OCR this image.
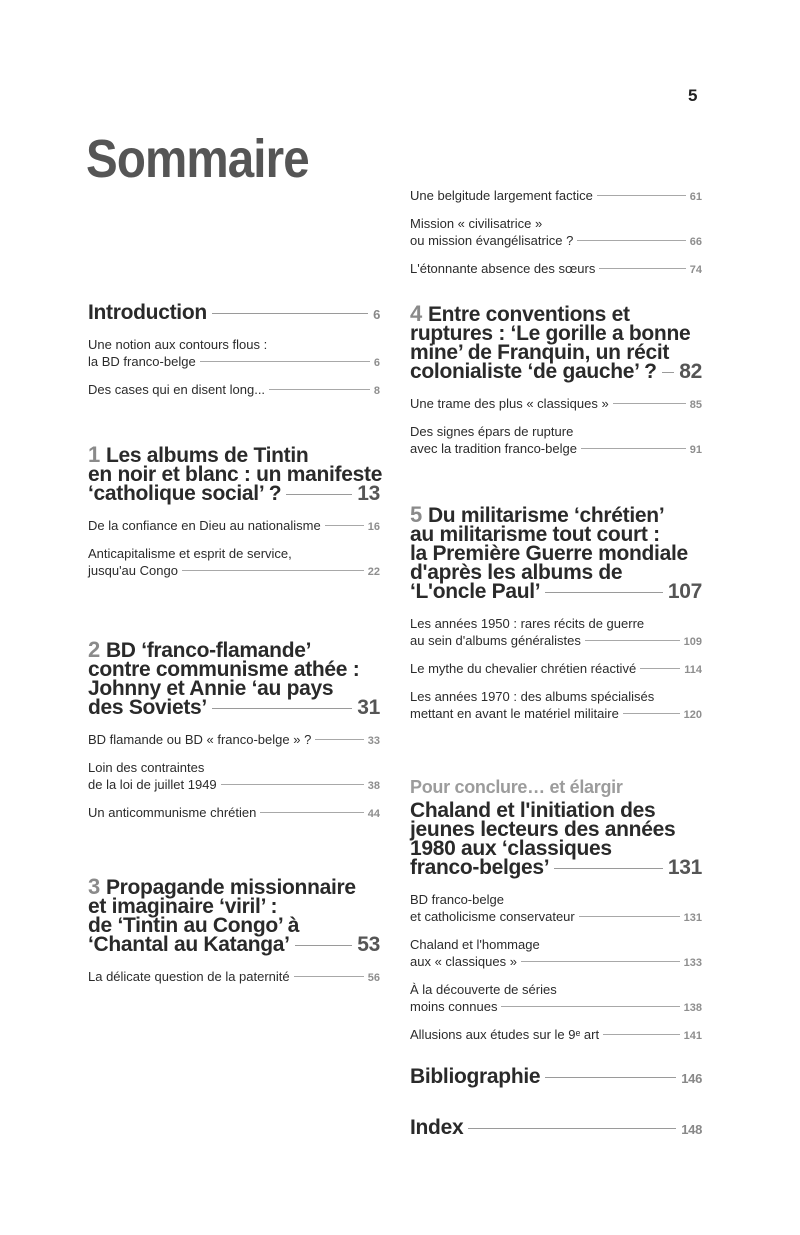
5
Sommaire
Introduction	6
Une notion aux contours flous :
la BD franco-belge	6
Des cases qui en disent long...	8
1 Les albums de Tintin
en noir et blanc : un manifeste
‘catholique social’ ?	13
De la confiance en Dieu au nationalisme	16
Anticapitalisme et esprit de service,
jusqu'au Congo	22
2 BD ‘franco-flamande’
contre communisme athée :
Johnny et Annie ‘au pays
des Soviets’	31
BD flamande ou BD « franco-belge » ?	33
Loin des contraintes
de la loi de juillet 1949	38
Un anticommunisme chrétien	44
3 Propagande missionnaire
et imaginaire ‘viril’ :
de ‘Tintin au Congo’ à
‘Chantal au Katanga’	53
La délicate question de la paternité	56
Une belgitude largement factice	61
Mission « civilisatrice »
ou mission évangélisatrice ?	66
L'étonnante absence des sœurs	74
4 Entre conventions et
ruptures : ‘Le gorille a bonne
mine’ de Franquin, un récit
colonialiste ‘de gauche’ ? 82
Une trame des plus « classiques »	85
Des signes épars de rupture
avec la tradition franco-belge	91
5 Du militarisme ‘chrétien’
au militarisme tout court :
la Première Guerre mondiale
d'après les albums de
‘L'oncle Paul’	107
Les années 1950 : rares récits de guerre
au sein d'albums généralistes	109
Le mythe du chevalier chrétien réactivé	114
Les années 1970 : des albums spécialisés
mettant en avant le matériel militaire	120
Pour conclure… et élargir
Chaland et l'initiation des
jeunes lecteurs des années
1980 aux ‘classiques
franco-belges’	131
BD franco-belge
et catholicisme conservateur	131
Chaland et l'hommage
aux « classiques »	133
À la découverte de séries
moins connues	138
Allusions aux études sur le 9ᵉ art	141
Bibliographie	146
Index	148
